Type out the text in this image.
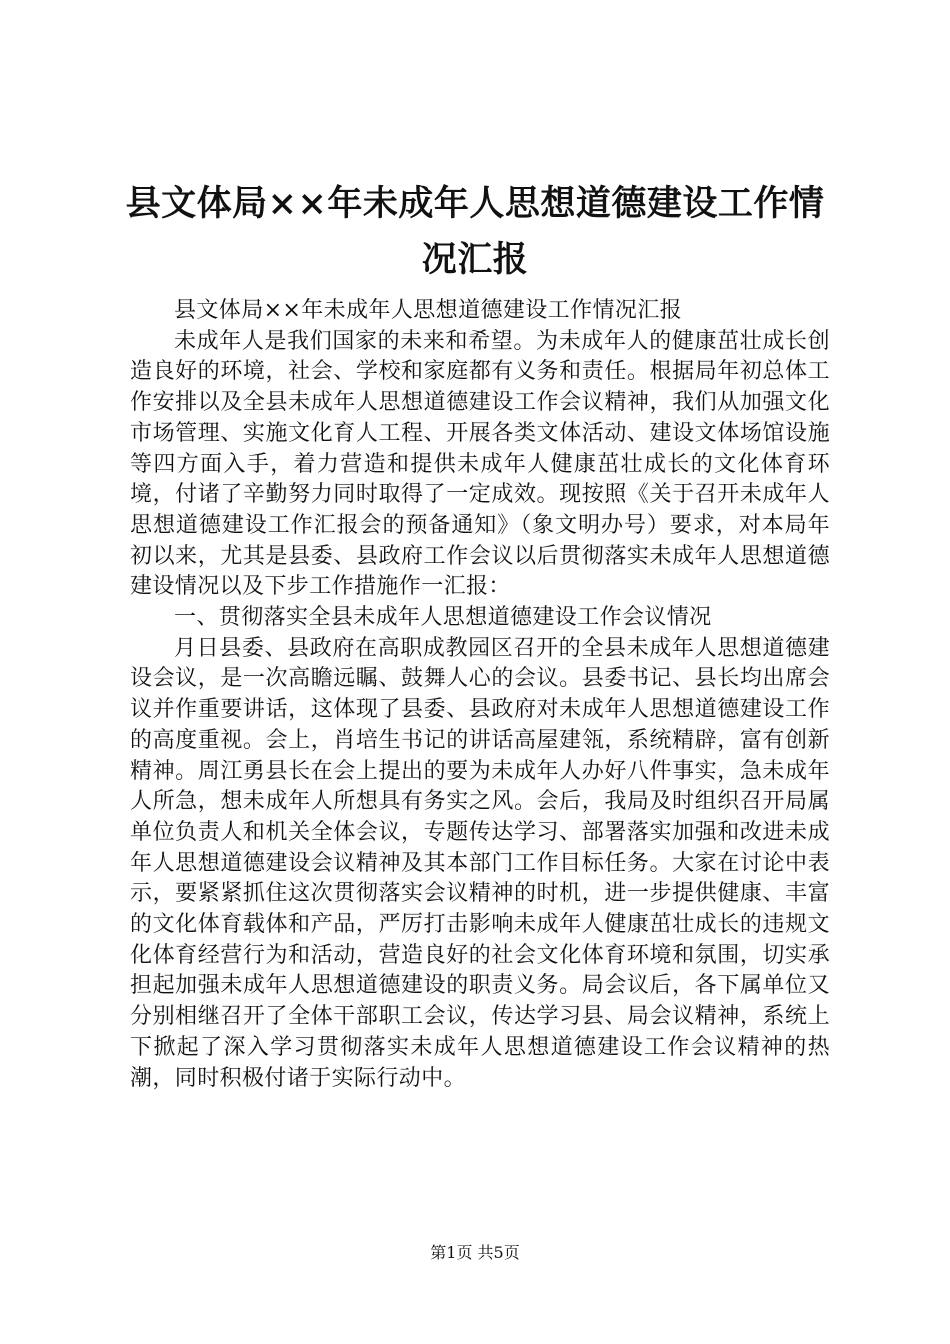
县文体局××年未成年人思想道德建设工作情况汇报

县文体局××年未成年人思想道德建设工作情况汇报

未成年人是我们国家的未来和希望。为未成年人的健康茁壮成长创造良好的环境，社会、学校和家庭都有义务和责任。根据局年初总体工作安排以及全县未成年人思想道德建设工作会议精神，我们从加强文化市场管理、实施文化育人工程、开展各类文体活动、建设文体场馆设施等四方面入手，着力营造和提供未成年人健康茁壮成长的文化体育环境，付诸了辛勤努力同时取得了一定成效。现按照《关于召开未成年人思想道德建设工作汇报会的预备通知》（象文明办号）要求，对本局年初以来，尤其是县委、县政府工作会议以后贯彻落实未成年人思想道德建设情况以及下步工作措施作一汇报：

一、贯彻落实全县未成年人思想道德建设工作会议情况

月日县委、县政府在高职成教园区召开的全县未成年人思想道德建设会议，是一次高瞻远瞩、鼓舞人心的会议。县委书记、县长均出席会议并作重要讲话，这体现了县委、县政府对未成年人思想道德建设工作的高度重视。会上，肖培生书记的讲话高屋建瓴，系统精辟，富有创新精神。周江勇县长在会上提出的要为未成年人办好八件事实，急未成年人所急，想未成年人所想具有务实之风。会后，我局及时组织召开局属单位负责人和机关全体会议，专题传达学习、部署落实加强和改进未成年人思想道德建设会议精神及其本部门工作目标任务。大家在讨论中表示，要紧紧抓住这次贯彻落实会议精神的时机，进一步提供健康、丰富的文化体育载体和产品，严厉打击影响未成年人健康茁壮成长的违规文化体育经营行为和活动，营造良好的社会文化体育环境和氛围，切实承担起加强未成年人思想道德建设的职责义务。局会议后，各下属单位又分别相继召开了全体干部职工会议，传达学习县、局会议精神，系统上下掀起了深入学习贯彻落实未成年人思想道德建设工作会议精神的热潮，同时积极付诸于实际行动中。

第1页 共5页
